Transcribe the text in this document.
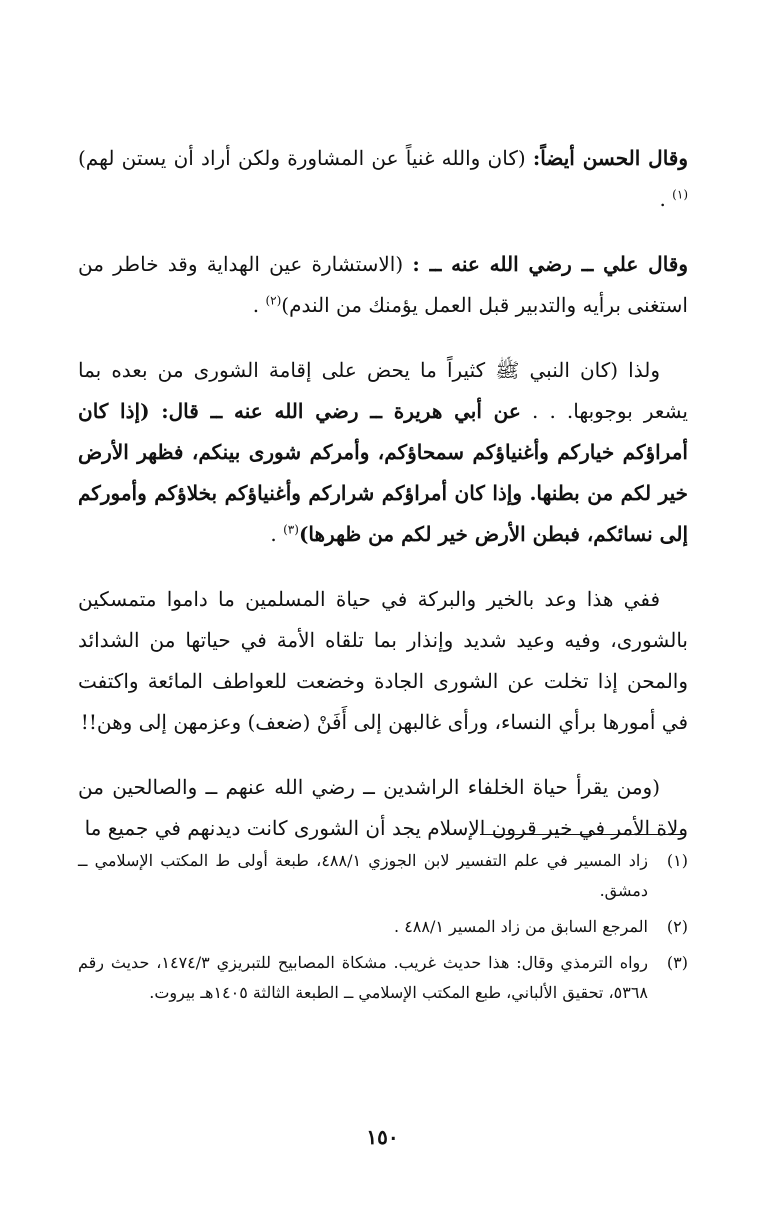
وقال الحسن أيضاً: (كان والله غنياً عن المشاورة ولكن أراد أن يستن لهم)$^{(١)}$ .

وقال علي ــ رضي الله عنه ــ : (الاستشارة عين الهداية وقد خاطر من استغنى برأيه والتدبير قبل العمل يؤمنك من الندم)$^{(٢)}$ .

ولذا (كان النبي ﷺ كثيراً ما يحض على إقامة الشورى من بعده بما يشعر بوجوبها. . . عن أبي هريرة ــ رضي الله عنه ــ قال: (إذا كان أمراؤكم خياركم وأغنياؤكم سمحاؤكم، وأمركم شورى بينكم، فظهر الأرض خير لكم من بطنها. وإذا كان أمراؤكم شراركم وأغنياؤكم بخلاؤكم وأموركم إلى نسائكم، فبطن الأرض خير لكم من ظهرها)$^{(٣)}$ .

ففي هذا وعد بالخير والبركة في حياة المسلمين ما داموا متمسكين بالشورى، وفيه وعيد شديد وإنذار بما تلقاه الأمة في حياتها من الشدائد والمحن إذا تخلت عن الشورى الجادة وخضعت للعواطف المائعة واكتفت في أمورها برأي النساء، ورأى غالبهن إلى أَفَنْ (ضعف) وعزمهن إلى وهن!!

(ومن يقرأ حياة الخلفاء الراشدين ــ رضي الله عنهم ــ والصالحين من ولاة الأمر في خير قرون الإسلام يجد أن الشورى كانت ديدنهم في جميع ما

(١)زاد المسير في علم التفسير لابن الجوزي ٤٨٨/١، طبعة أولى ط المكتب الإسلامي ــ دمشق.

(٢)المرجع السابق من زاد المسير ٤٨٨/١ .

(٣)رواه الترمذي وقال: هذا حديث غريب. مشكاة المصابيح للتبريزي ١٤٧٤/٣، حديث رقم ٥٣٦٨، تحقيق الألباني، طبع المكتب الإسلامي ــ الطبعة الثالثة ١٤٠٥هـ بيروت.

١٥٠
